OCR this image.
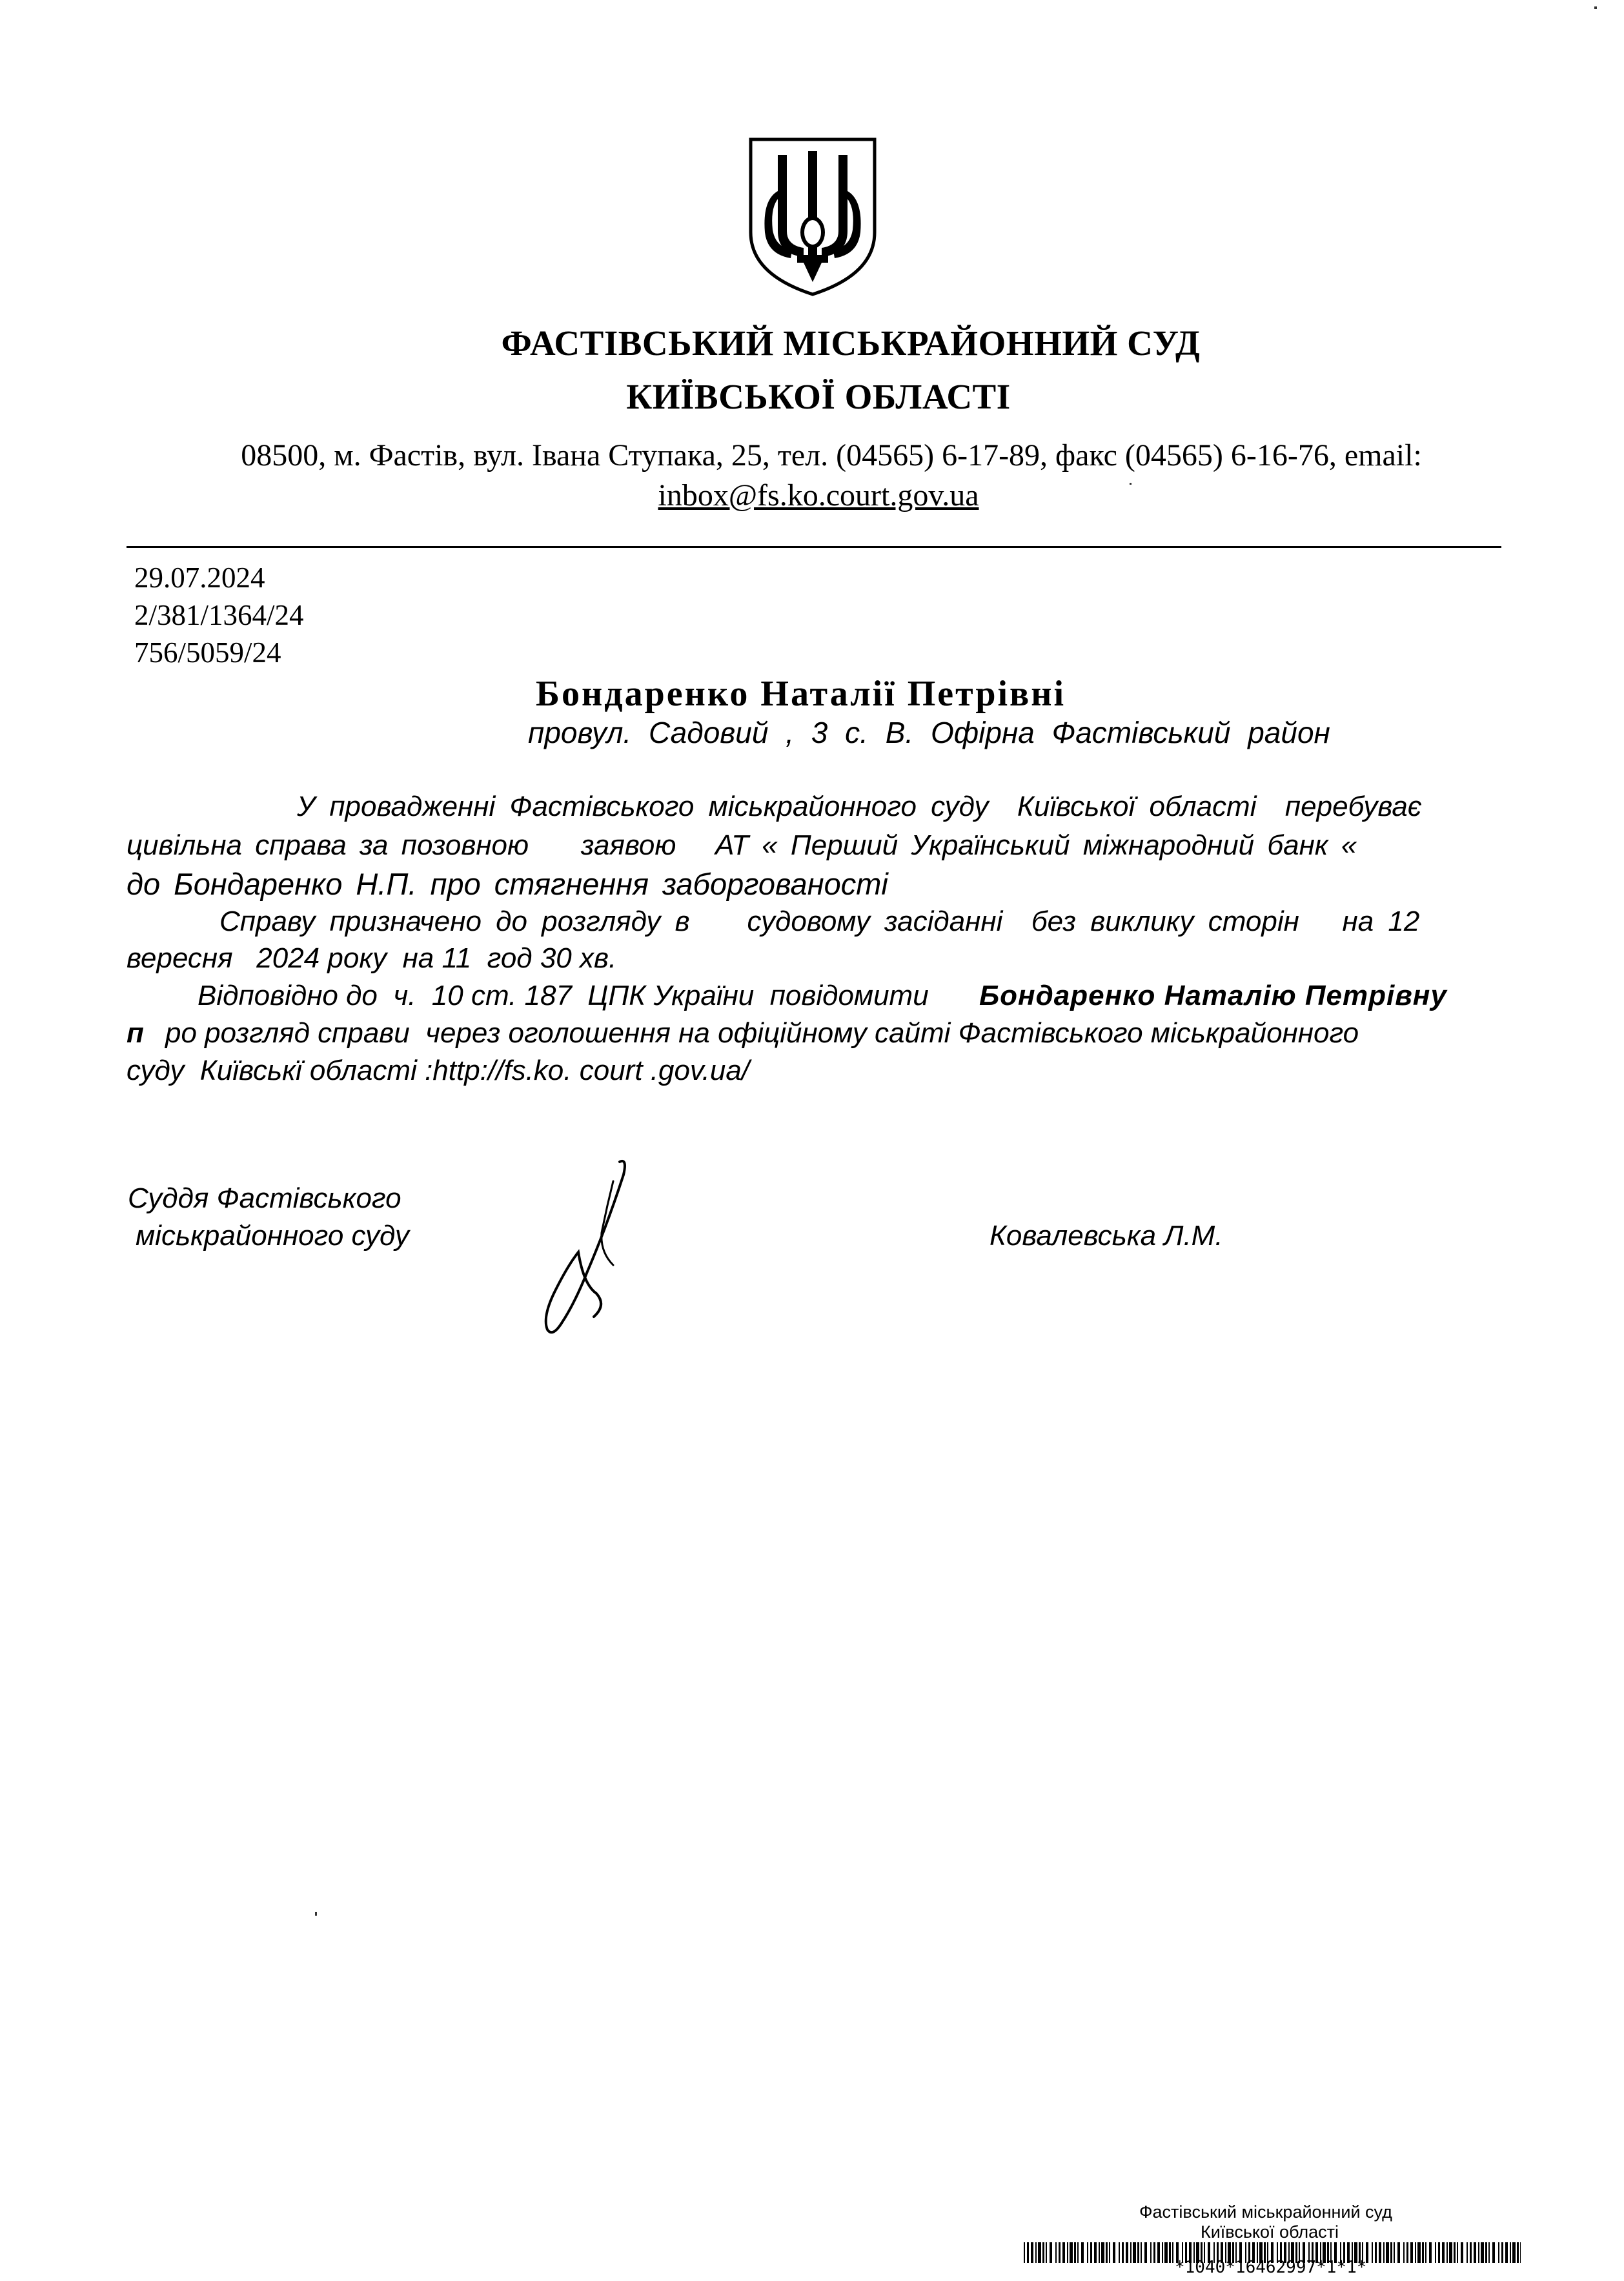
ФАСТІВСЬКИЙ МІСЬКРАЙОННИЙ СУД
КИЇВСЬКОЇ ОБЛАСТІ
08500, м. Фастів, вул. Івана Ступака, 25, тел. (04565) 6-17-89, факс (04565) 6-16-76, email:
inbox@fs.ko.court.gov.ua
29.07.2024
2/381/1364/24
756/5059/24
Бондаренко Наталії Петрівні
провул. Садовий , 3 с. В. Офірна Фастівський район
У провадженні Фастівського міськрайонного суду  Київської області  перебуває
цивільна справа за позовною    заявою   АТ « Перший Український міжнародний банк «
до Бондаренко Н.П. про стягнення заборгованості
Справу призначено до розгляду в    судовому засіданні  без виклику сторін   на 12
вересня   2024 року  на 11  год 30 хв.
Відповідно до  ч.  10 ст. 187  ЦПК України  повідомити Бондаренко Наталію Петрівну
п ро розгляд справи  через оголошення на офіційному сайті Фастівського міськрайонного
суду  Київськї області :http://fs.ko. court .gov.ua/
Суддя Фастівського
міськрайонного суду	Ковалевська Л.М.
Фастівський міськрайонний суд
Київської області
*1040*16462997*1*1*
